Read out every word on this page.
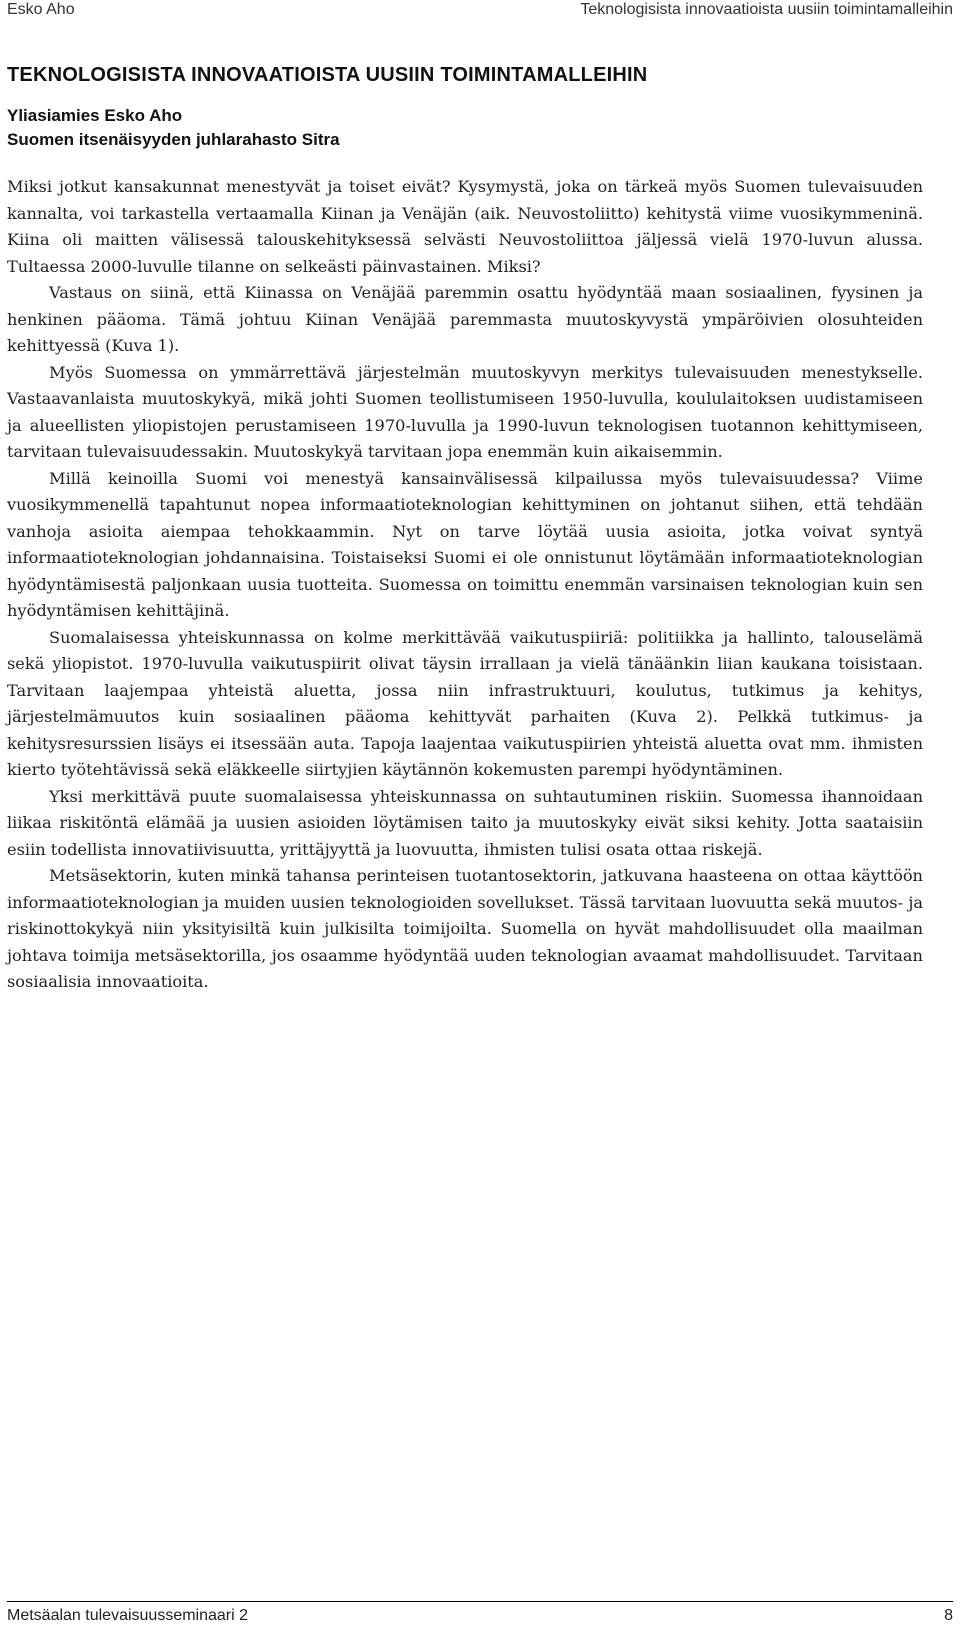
Esko Aho	Teknologisista innovaatioista uusiin toimintamalleihin
TEKNOLOGISISTA INNOVAATIOISTA UUSIIN TOIMINTAMALLEIHIN
Yliasiamies Esko Aho
Suomen itsenäisyyden juhlarahasto Sitra

Miksi jotkut kansakunnat menestyvät ja toiset eivät? Kysymystä, joka on tärkeä myös Suomen tulevaisuuden kannalta, voi tarkastella vertaamalla Kiinan ja Venäjän (aik. Neuvostoliitto) kehitystä viime vuosikymmeninä. Kiina oli maitten välisessä talouskehityksessä selvästi Neuvostoliittoa jäljessä vielä 1970-luvun alussa. Tultaessa 2000-luvulle tilanne on selkeästi päinvastainen. Miksi?

Vastaus on siinä, että Kiinassa on Venäjää paremmin osattu hyödyntää maan sosiaalinen, fyysinen ja henkinen pääoma. Tämä johtuu Kiinan Venäjää paremmasta muutoskyvystä ympäröivien olosuhteiden kehittyessä (Kuva 1).

Myös Suomessa on ymmärrettävä järjestelmän muutoskyvyn merkitys tulevaisuuden menestykselle. Vastaavanlaista muutoskykyä, mikä johti Suomen teollistumiseen 1950-luvulla, koululaitoksen uudistamiseen ja alueellisten yliopistojen perustamiseen 1970-luvulla ja 1990-luvun teknologisen tuotannon kehittymiseen, tarvitaan tulevaisuudessakin. Muutoskykyä tarvitaan jopa enemmän kuin aikaisemmin.

Millä keinoilla Suomi voi menestyä kansainvälisessä kilpailussa myös tulevaisuudessa? Viime vuosikymmenellä tapahtunut nopea informaatioteknologian kehittyminen on johtanut siihen, että tehdään vanhoja asioita aiempaa tehokkaammin. Nyt on tarve löytää uusia asioita, jotka voivat syntyä informaatioteknologian johdannaisina. Toistaiseksi Suomi ei ole onnistunut löytämään informaatioteknologian hyödyntämisestä paljonkaan uusia tuotteita. Suomessa on toimittu enemmän varsinaisen teknologian kuin sen hyödyntämisen kehittäjinä.

Suomalaisessa yhteiskunnassa on kolme merkittävää vaikutuspiiriä: politiikka ja hallinto, talouselämä sekä yliopistot. 1970-luvulla vaikutuspiirit olivat täysin irrallaan ja vielä tänäänkin liian kaukana toisistaan. Tarvitaan laajempaa yhteistä aluetta, jossa niin infrastruktuuri, koulutus, tutkimus ja kehitys, järjestelmämuutos kuin sosiaalinen pääoma kehittyvät parhaiten (Kuva 2). Pelkkä tutkimus- ja kehitysresurssien lisäys ei itsessään auta. Tapoja laajentaa vaikutuspiirien yhteistä aluetta ovat mm. ihmisten kierto työtehtävissä sekä eläkkeelle siirtyjien käytännön kokemusten parempi hyödyntäminen.

Yksi merkittävä puute suomalaisessa yhteiskunnassa on suhtautuminen riskiin. Suomessa ihannoidaan liikaa riskitöntä elämää ja uusien asioiden löytämisen taito ja muutoskyky eivät siksi kehity. Jotta saataisiin esiin todellista innovatiivisuutta, yrittäjyyttä ja luovuutta, ihmisten tulisi osata ottaa riskejä.

Metsäsektorin, kuten minkä tahansa perinteisen tuotantosektorin, jatkuvana haasteena on ottaa käyttöön informaatioteknologian ja muiden uusien teknologioiden sovellukset. Tässä tarvitaan luovuutta sekä muutos- ja riskinottokykyä niin yksityisiltä kuin julkisilta toimijoilta. Suomella on hyvät mahdollisuudet olla maailman johtava toimija metsäsektorilla, jos osaamme hyödyntää uuden teknologian avaamat mahdollisuudet. Tarvitaan sosiaalisia innovaatioita.

Metsäalan tulevaisuusseminaari 2	8
